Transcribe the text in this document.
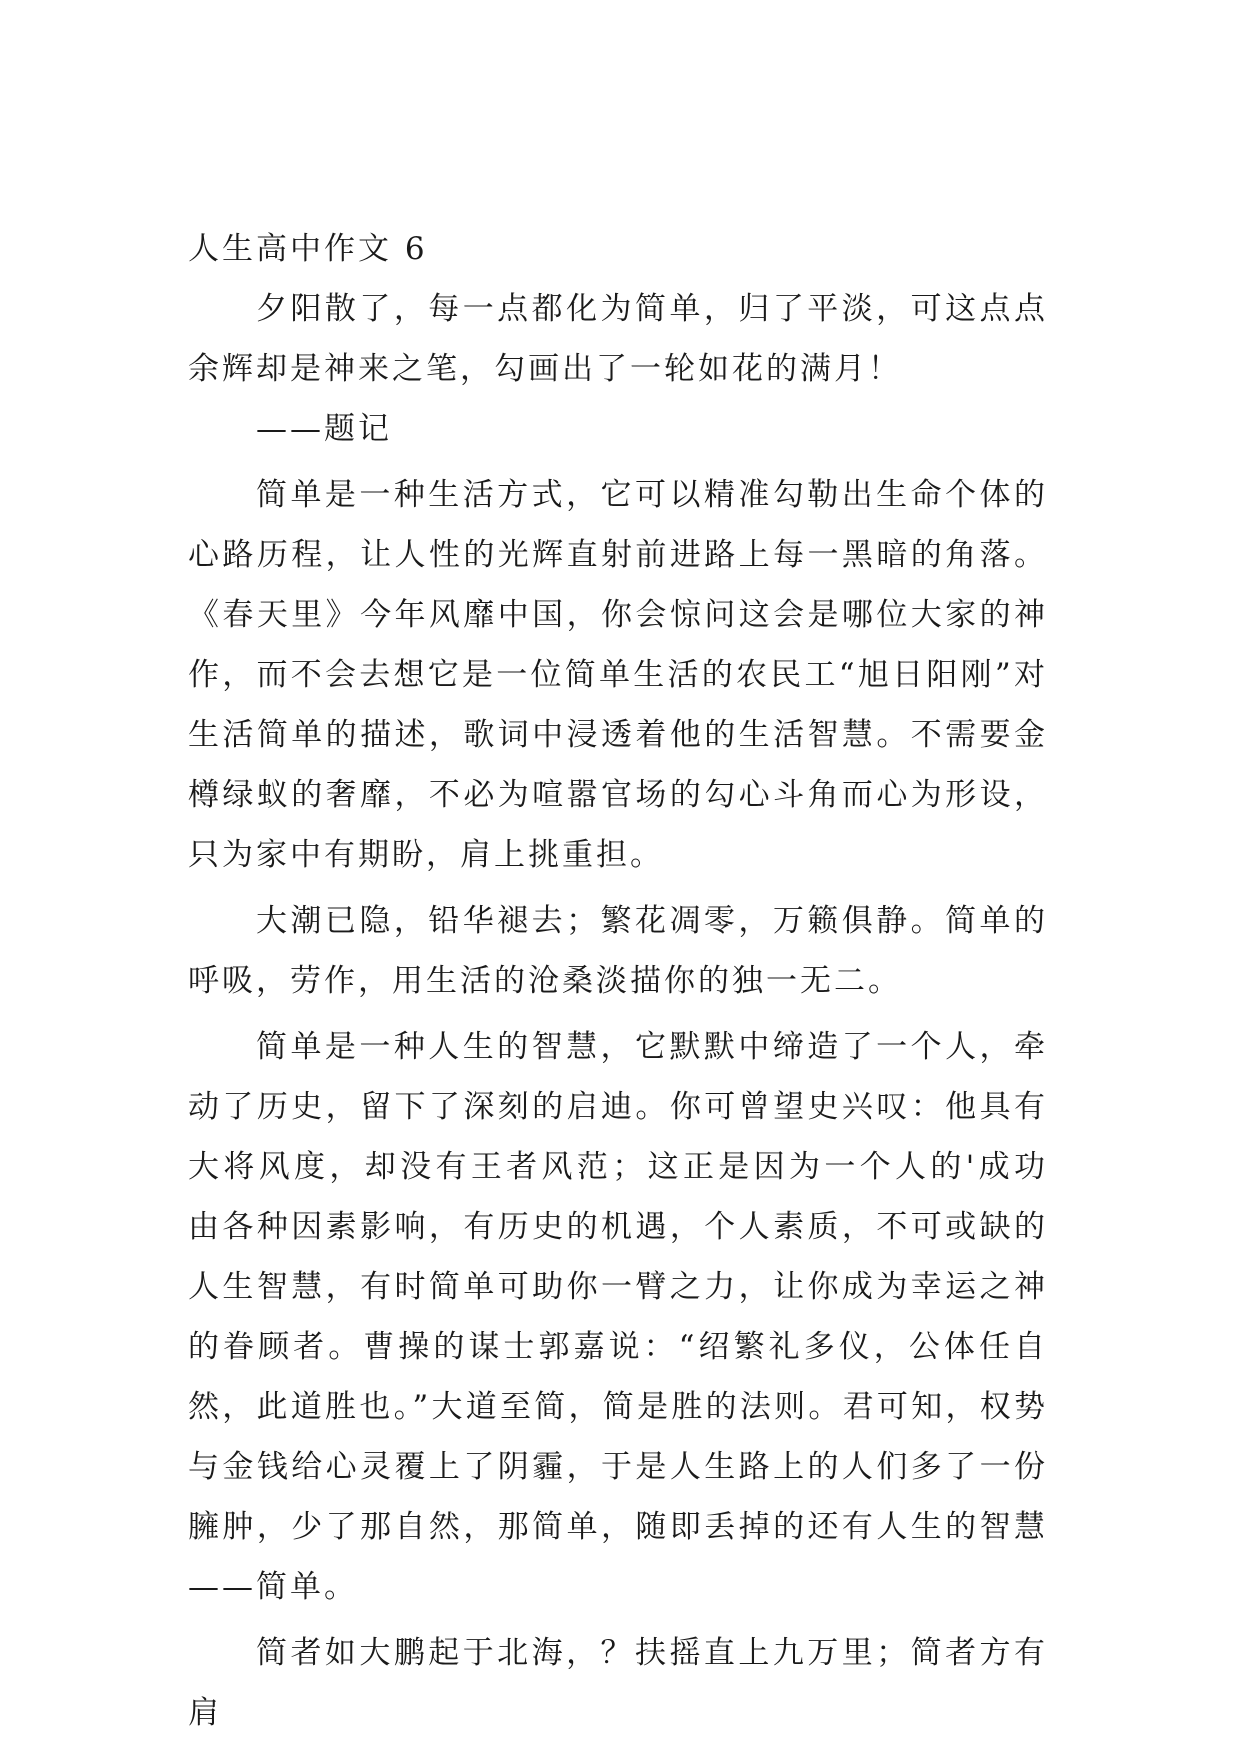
人生高中作文 6

夕阳散了，每一点都化为简单，归了平淡，可这点点余辉却是神来之笔，勾画出了一轮如花的满月！

——题记

简单是一种生活方式，它可以精准勾勒出生命个体的心路历程，让人性的光辉直射前进路上每一黑暗的角落。《春天里》今年风靡中国，你会惊问这会是哪位大家的神作，而不会去想它是一位简单生活的农民工“旭日阳刚”对生活简单的描述，歌词中浸透着他的生活智慧。不需要金樽绿蚁的奢靡，不必为喧嚣官场的勾心斗角而心为形设，只为家中有期盼，肩上挑重担。

大潮已隐，铅华褪去；繁花凋零，万籁俱静。简单的呼吸，劳作，用生活的沧桑淡描你的独一无二。

简单是一种人生的智慧，它默默中缔造了一个人，牵动了历史，留下了深刻的启迪。你可曾望史兴叹：他具有大将风度，却没有王者风范；这正是因为一个人的'成功由各种因素影响，有历史的机遇，个人素质，不可或缺的人生智慧，有时简单可助你一臂之力，让你成为幸运之神的眷顾者。曹操的谋士郭嘉说：“绍繁礼多仪，公体任自然，此道胜也。”大道至简，简是胜的法则。君可知，权势与金钱给心灵覆上了阴霾，于是人生路上的人们多了一份臃肿，少了那自然，那简单，随即丢掉的还有人生的智慧——简单。

简者如大鹏起于北海，？扶摇直上九万里；简者方有肩
